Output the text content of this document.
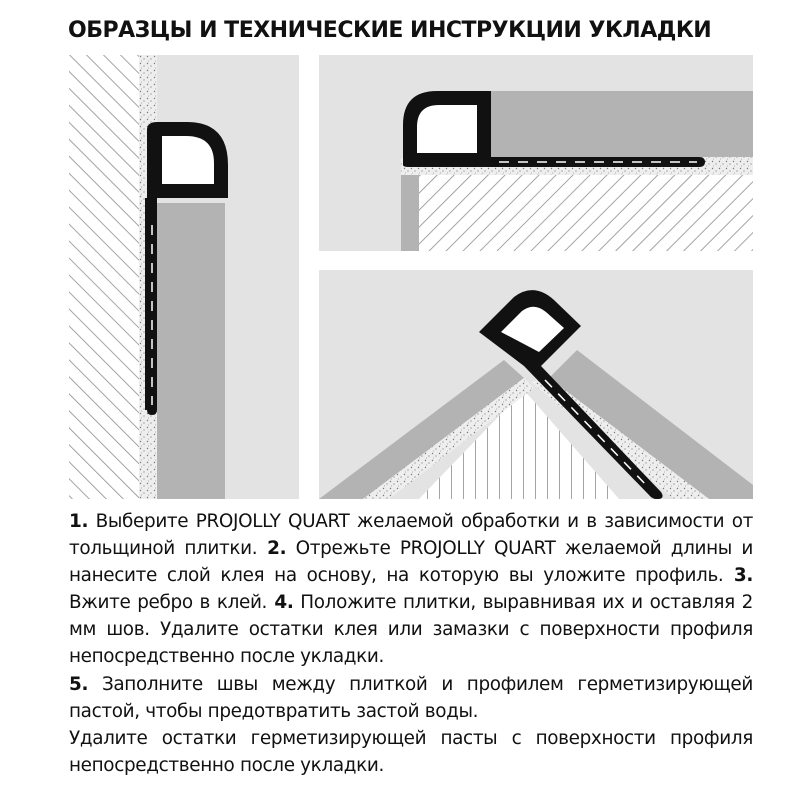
ОБРАЗЦЫ И ТЕХНИЧЕСКИЕ ИНСТРУКЦИИ УКЛАДКИ

1. Выберите PROJOLLY QUART желаемой обработки и в зависимости от тольщиной плитки. 2. Отрежьте PROJOLLY QUART желаемой длины и нанесите слой клея на основу, на которую вы уложите профиль. 3. Вжите ребро в клей. 4. Положите плитки, выравнивая их и оставляя 2 мм шов. Удалите остатки клея или замазки с поверхности профиля непосредственно после укладки.
5. Заполните швы между плиткой и профилем герметизирующей пастой, чтобы предотвратить застой воды.
Удалите остатки герметизирующей пасты с поверхности профиля непосредственно после укладки.
